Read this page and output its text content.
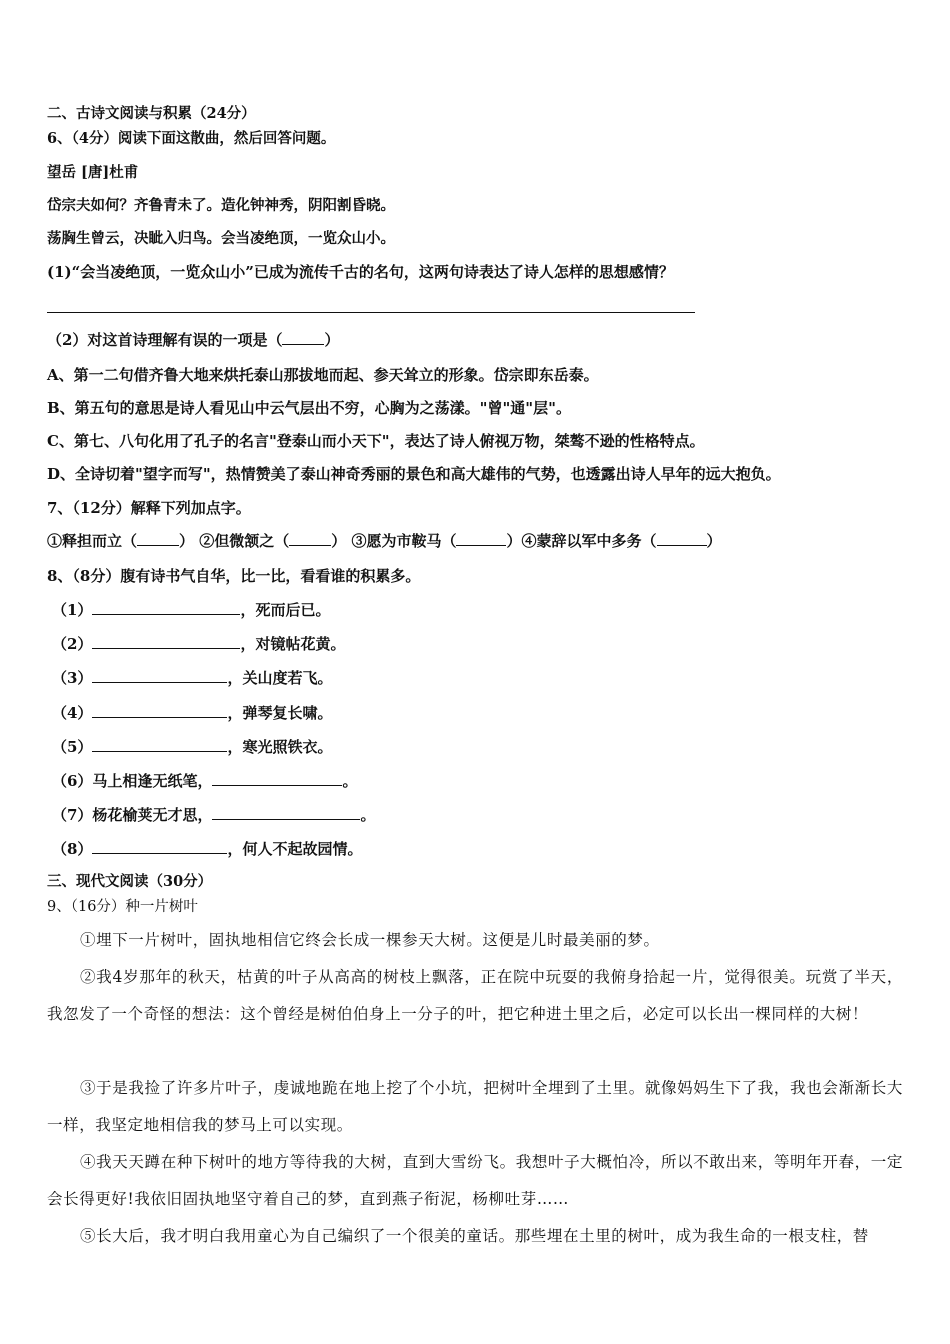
二、古诗文阅读与积累（24分）
6、（4分）阅读下面这散曲，然后回答问题。
望岳 [唐]杜甫
岱宗夫如何？齐鲁青未了。造化钟神秀，阴阳割昏晓。
荡胸生曾云，决眦入归鸟。会当凌绝顶，一览众山小。
(1)“会当凌绝顶，一览众山小”已成为流传千古的名句，这两句诗表达了诗人怎样的思想感情？
（2）对这首诗理解有误的一项是（	）
A、第一二句借齐鲁大地来烘托泰山那拔地而起、参天耸立的形象。岱宗即东岳泰。
B、第五句的意思是诗人看见山中云气层出不穷，心胸为之荡漾。"曾"通"层"。
C、第七、八句化用了孔子的名言"登泰山而小天下"，表达了诗人俯视万物，桀骜不逊的性格特点。
D、全诗切着"望字而写"，热情赞美了泰山神奇秀丽的景色和高大雄伟的气势，也透露出诗人早年的远大抱负。
7、（12分）解释下列加点字。
①释担而立（	） ②但微颔之（	） ③愿为市鞍马（	）④蒙辞以军中多务（	）
8、（8分）腹有诗书气自华，比一比，看看谁的积累多。
（1）	，死而后已。
（2）	，对镜帖花黄。
（3）	，关山度若飞。
（4）	，弹琴复长啸。
（5）	，寒光照铁衣。
（6）马上相逢无纸笔，	。
（7）杨花榆荚无才思，	。
（8）	，何人不起故园情。
三、现代文阅读（30分）
9、（16分）种一片树叶
①埋下一片树叶，固执地相信它终会长成一棵参天大树。这便是儿时最美丽的梦。
②我4岁那年的秋天，枯黄的叶子从高高的树枝上飘落，正在院中玩耍的我俯身拾起一片，觉得很美。玩赏了半天，我忽发了一个奇怪的想法：这个曾经是树伯伯身上一分子的叶，把它种进土里之后，必定可以长出一棵同样的大树！
③于是我捡了许多片叶子，虔诚地跪在地上挖了个小坑，把树叶全埋到了土里。就像妈妈生下了我，我也会渐渐长大一样，我坚定地相信我的梦马上可以实现。
④我天天蹲在种下树叶的地方等待我的大树，直到大雪纷飞。我想叶子大概怕冷，所以不敢出来，等明年开春，一定会长得更好!我依旧固执地坚守着自己的梦，直到燕子衔泥，杨柳吐芽……
⑤长大后，我才明白我用童心为自己编织了一个很美的童话。那些埋在土里的树叶，成为我生命的一根支柱，替
